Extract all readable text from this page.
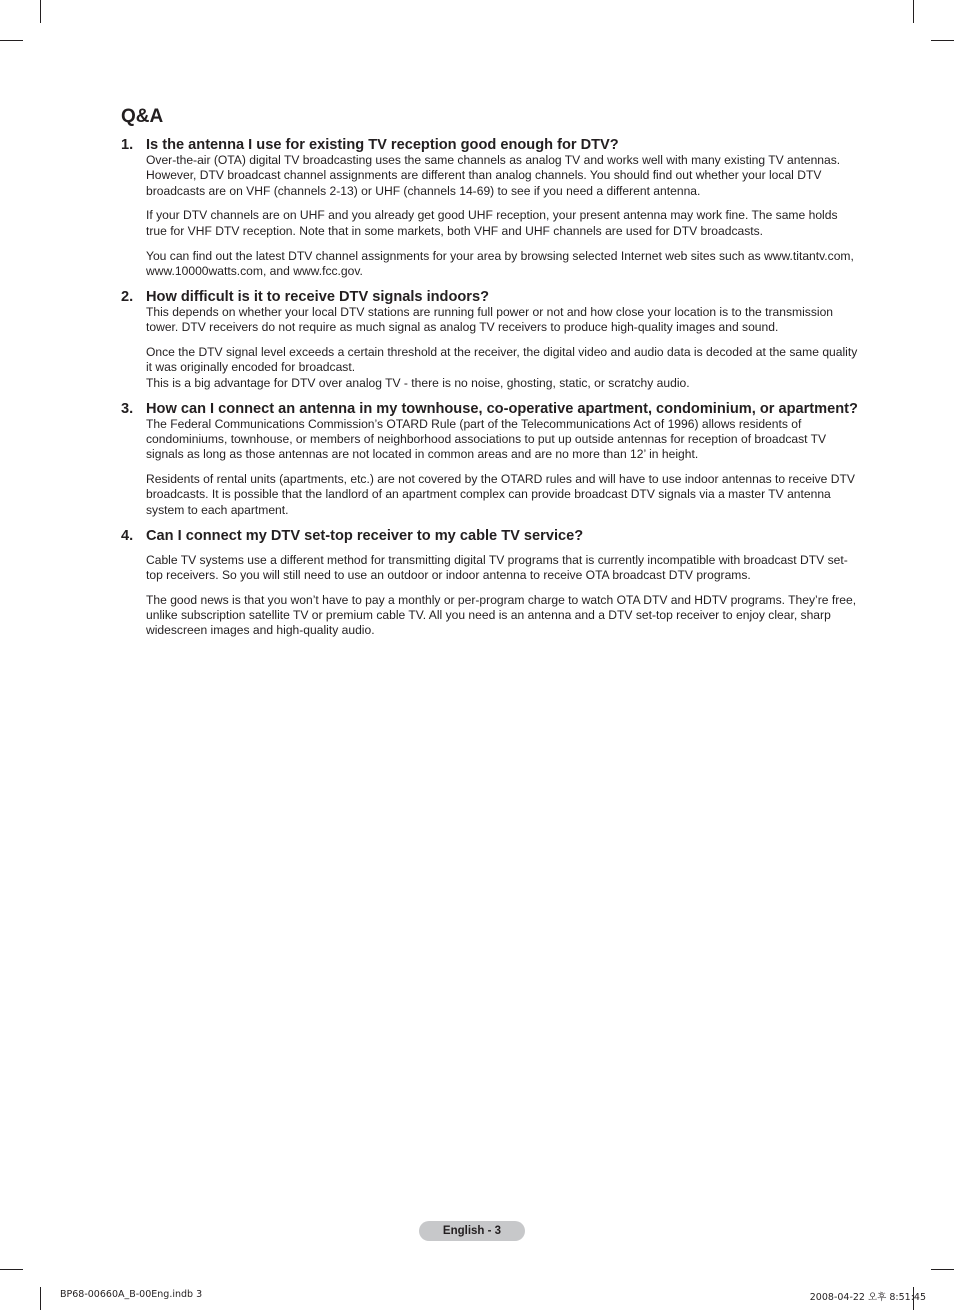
Q&A
1. Is the antenna I use for existing TV reception good enough for DTV?

Over-the-air (OTA) digital TV broadcasting uses the same channels as analog TV and works well with many existing TV antennas. However, DTV broadcast channel assignments are different than analog channels. You should find out whether your local DTV broadcasts are on VHF (channels 2-13) or UHF (channels 14-69) to see if you need a different antenna.

If your DTV channels are on UHF and you already get good UHF reception, your present antenna may work fine. The same holds true for VHF DTV reception. Note that in some markets, both VHF and UHF channels are used for DTV broadcasts.

You can find out the latest DTV channel assignments for your area by browsing selected Internet web sites such as www.titantv.com, www.10000watts.com, and www.fcc.gov.

2. How difficult is it to receive DTV signals indoors?

This depends on whether your local DTV stations are running full power or not and how close your location is to the transmission tower. DTV receivers do not require as much signal as analog TV receivers to produce high-quality images and sound.

Once the DTV signal level exceeds a certain threshold at the receiver, the digital video and audio data is decoded at the same quality it was originally encoded for broadcast.

This is a big advantage for DTV over analog TV - there is no noise, ghosting, static, or scratchy audio.

3. How can I connect an antenna in my townhouse, co-operative apartment, condominium, or apartment?

The Federal Communications Commission’s OTARD Rule (part of the Telecommunications Act of 1996) allows residents of condominiums, townhouse, or members of neighborhood associations to put up outside antennas for reception of broadcast TV signals as long as those antennas are not located in common areas and are no more than 12’ in height.

Residents of rental units (apartments, etc.) are not covered by the OTARD rules and will have to use indoor antennas to receive DTV broadcasts. It is possible that the landlord of an apartment complex can provide broadcast DTV signals via a master TV antenna system to each apartment.

4. Can I connect my DTV set-top receiver to my cable TV service?

Cable TV systems use a different method for transmitting digital TV programs that is currently incompatible with broadcast DTV set-top receivers. So you will still need to use an outdoor or indoor antenna to receive OTA broadcast DTV programs.

The good news is that you won’t have to pay a monthly or per-program charge to watch OTA DTV and HDTV programs. They’re free, unlike subscription satellite TV or premium cable TV. All you need is an antenna and a DTV set-top receiver to enjoy clear, sharp widescreen images and high-quality audio.

English - 3
BP68-00660A_B-00Eng.indb 3	2008-04-22 오후 8:51:45
